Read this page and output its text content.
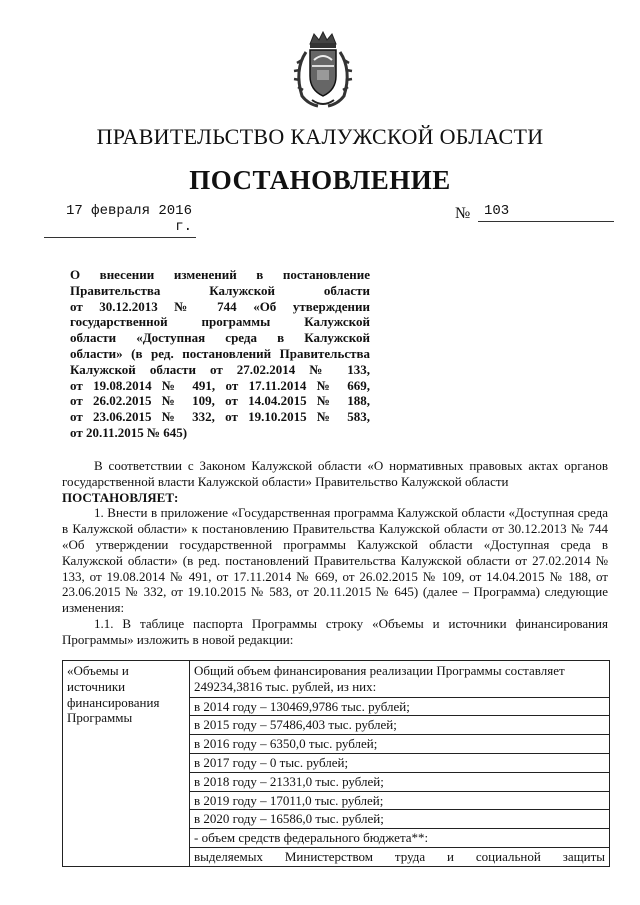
ПРАВИТЕЛЬСТВО КАЛУЖСКОЙ ОБЛАСТИ
ПОСТАНОВЛЕНИЕ
17 февраля 2016 г.
№ 103
О внесении изменений в постановление
Правительства Калужской области
от 30.12.2013 № 744 «Об утверждении
государственной программы Калужской
области «Доступная среда в Калужской
области» (в ред. постановлений Правительства
Калужской области от 27.02.2014 № 133,
от 19.08.2014 № 491, от 17.11.2014 № 669,
от 26.02.2015 № 109, от 14.04.2015 № 188,
от 23.06.2015 № 332, от 19.10.2015 № 583,
от 20.11.2015 № 645)

В соответствии с Законом Калужской области «О нормативных правовых актах органов государственной власти Калужской области» Правительство Калужской области

ПОСТАНОВЛЯЕТ:

1. Внести в приложение «Государственная программа Калужской области «Доступная среда в Калужской области» к постановлению Правительства Калужской области от 30.12.2013 № 744 «Об утверждении государственной программы Калужской области «Доступная среда в Калужской области» (в ред. постановлений Правительства Калужской области от 27.02.2014 № 133, от 19.08.2014 № 491, от 17.11.2014 № 669, от 26.02.2015 № 109, от 14.04.2015 № 188, от 23.06.2015 № 332, от 19.10.2015 № 583, от 20.11.2015 № 645) (далее – Программа) следующие изменения:

1.1. В таблице паспорта Программы строку «Объемы и источники финансирования Программы» изложить в новой редакции:

«Объемы и источники финансирования Программы	Общий объем финансирования реализации Программы составляет 249234,3816 тыс. рублей, из них:
в 2014 году – 130469,9786 тыс. рублей;
в 2015 году – 57486,403 тыс. рублей;
в 2016 году – 6350,0 тыс. рублей;
в 2017 году – 0 тыс. рублей;
в 2018 году – 21331,0 тыс. рублей;
в 2019 году – 17011,0 тыс. рублей;
в 2020 году – 16586,0 тыс. рублей;
- объем средств федерального бюджета**:
выделяемых Министерством труда и социальной защиты
